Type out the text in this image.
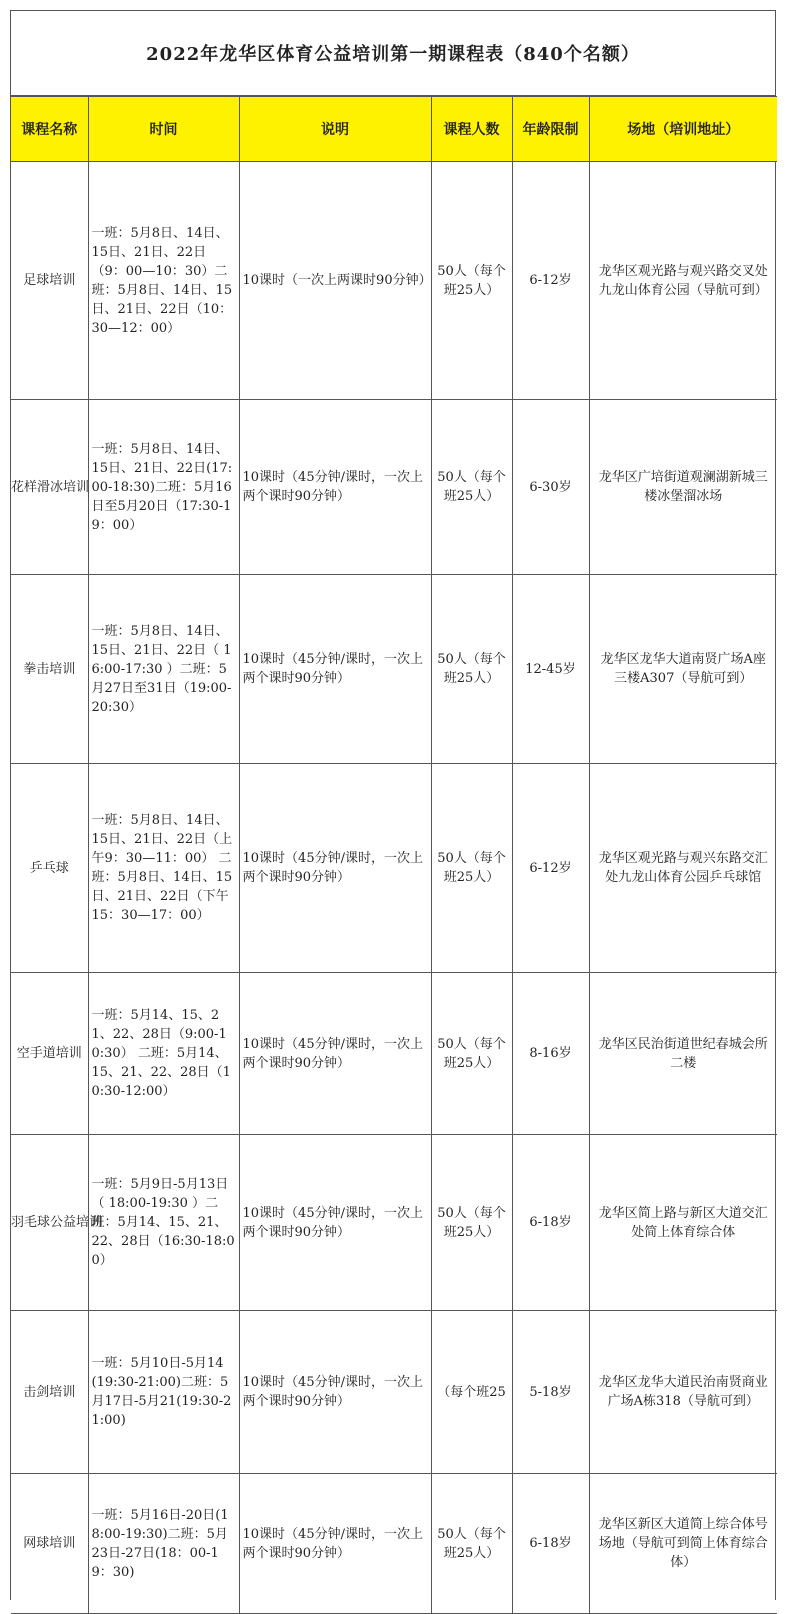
2022年龙华区体育公益培训第一期课程表（840个名额）
课程名称	时间	说明	课程人数	年龄限制	场地（培训地址）
足球培训	一班：5月8日、14日、15日、21日、22日（9：00—10：30）二班：5月8日、14日、15日、21日、22日（10：30—12：00）	10课时（一次上两课时90分钟）	50人（每个班25人）	6-12岁	龙华区观光路与观兴路交叉处九龙山体育公园（导航可到）
花样滑冰培训	一班：5月8日、14日、15日、21日、22日(17:00-18:30)二班：5月16日至5月20日（17:30-19：00）	10课时（45分钟/课时，一次上两个课时90分钟）	50人（每个班25人）	6-30岁	龙华区广培街道观澜湖新城三楼冰堡溜冰场
拳击培训	一班：5月8日、14日、15日、21日、22日（ 16:00-17:30 ）二班：5月27日至31日（19:00-20:30）	10课时（45分钟/课时，一次上两个课时90分钟）	50人（每个班25人）	12-45岁	龙华区龙华大道南贤广场A座三楼A307（导航可到）
乒乓球	一班：5月8日、14日、15日、21日、22日（上午9：30—11：00） 二班：5月8日、14日、15日、21日、22日（下午15：30—17：00）	10课时（45分钟/课时，一次上两个课时90分钟）	50人（每个班25人）	6-12岁	龙华区观光路与观兴东路交汇处九龙山体育公园乒乓球馆
空手道培训	一班：5月14、15、21、22、28日（9:00-10:30） 二班：5月14、15、21、22、28日（10:30-12:00）	10课时（45分钟/课时，一次上两个课时90分钟）	50人（每个班25人）	8-16岁	龙华区民治街道世纪春城会所二楼
羽毛球公益培训	一班：5月9日-5月13日（ 18:00-19:30 ）二班：5月14、15、21、22、28日（16:30-18:00）	10课时（45分钟/课时，一次上两个课时90分钟）	50人（每个班25人）	6-18岁	龙华区简上路与新区大道交汇处简上体育综合体
击剑培训	一班：5月10日-5月14(19:30-21:00)二班：5月17日-5月21(19:30-21:00)	10课时（45分钟/课时，一次上两个课时90分钟）	（每个班25	5-18岁	龙华区龙华大道民治南贤商业广场A栋318（导航可到）
网球培训	一班：5月16日-20日(18:00-19:30)二班：5月23日-27日(18：00-19：30)	10课时（45分钟/课时，一次上两个课时90分钟）	50人（每个班25人）	6-18岁	龙华区新区大道简上综合体号场地（导航可到简上体育综合体）
